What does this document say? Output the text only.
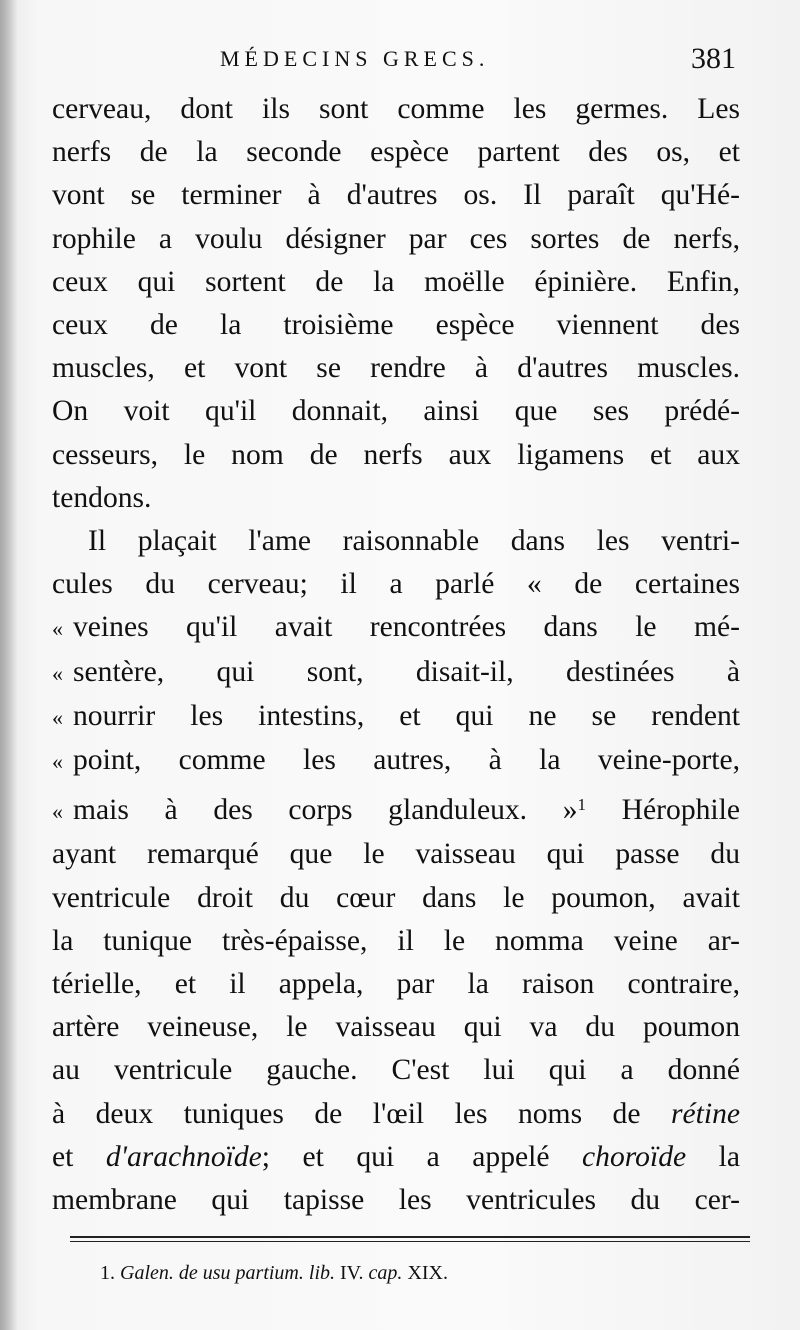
MÉDECINS GRECS.	381
cerveau, dont ils sont comme les germes. Les
nerfs de la seconde espèce partent des os, et
vont se terminer à d'autres os. Il paraît qu'Hé-
rophile a voulu désigner par ces sortes de nerfs,
ceux qui sortent de la moëlle épinière. Enfin,
ceux de la troisième espèce viennent des
muscles, et vont se rendre à d'autres muscles.
On voit qu'il donnait, ainsi que ses prédé-
cesseurs, le nom de nerfs aux ligamens et aux
tendons.
Il plaçait l'ame raisonnable dans les ventri-
cules du cerveau; il a parlé « de certaines
« veines qu'il avait rencontrées dans le mé-
« sentère, qui sont, disait-il, destinées à
« nourrir les intestins, et qui ne se rendent
« point, comme les autres, à la veine-porte,
« mais à des corps glanduleux. »$^1$ Hérophile
ayant remarqué que le vaisseau qui passe du
ventricule droit du cœur dans le poumon, avait
la tunique très-épaisse, il le nomma veine ar-
térielle, et il appela, par la raison contraire,
artère veineuse, le vaisseau qui va du poumon
au ventricule gauche. C'est lui qui a donné
à deux tuniques de l'œil les noms de rétine
et d'arachnoïde; et qui a appelé choroïde la
membrane qui tapisse les ventricules du cer-
1. Galen. de usu partium. lib. IV. cap. XIX.
